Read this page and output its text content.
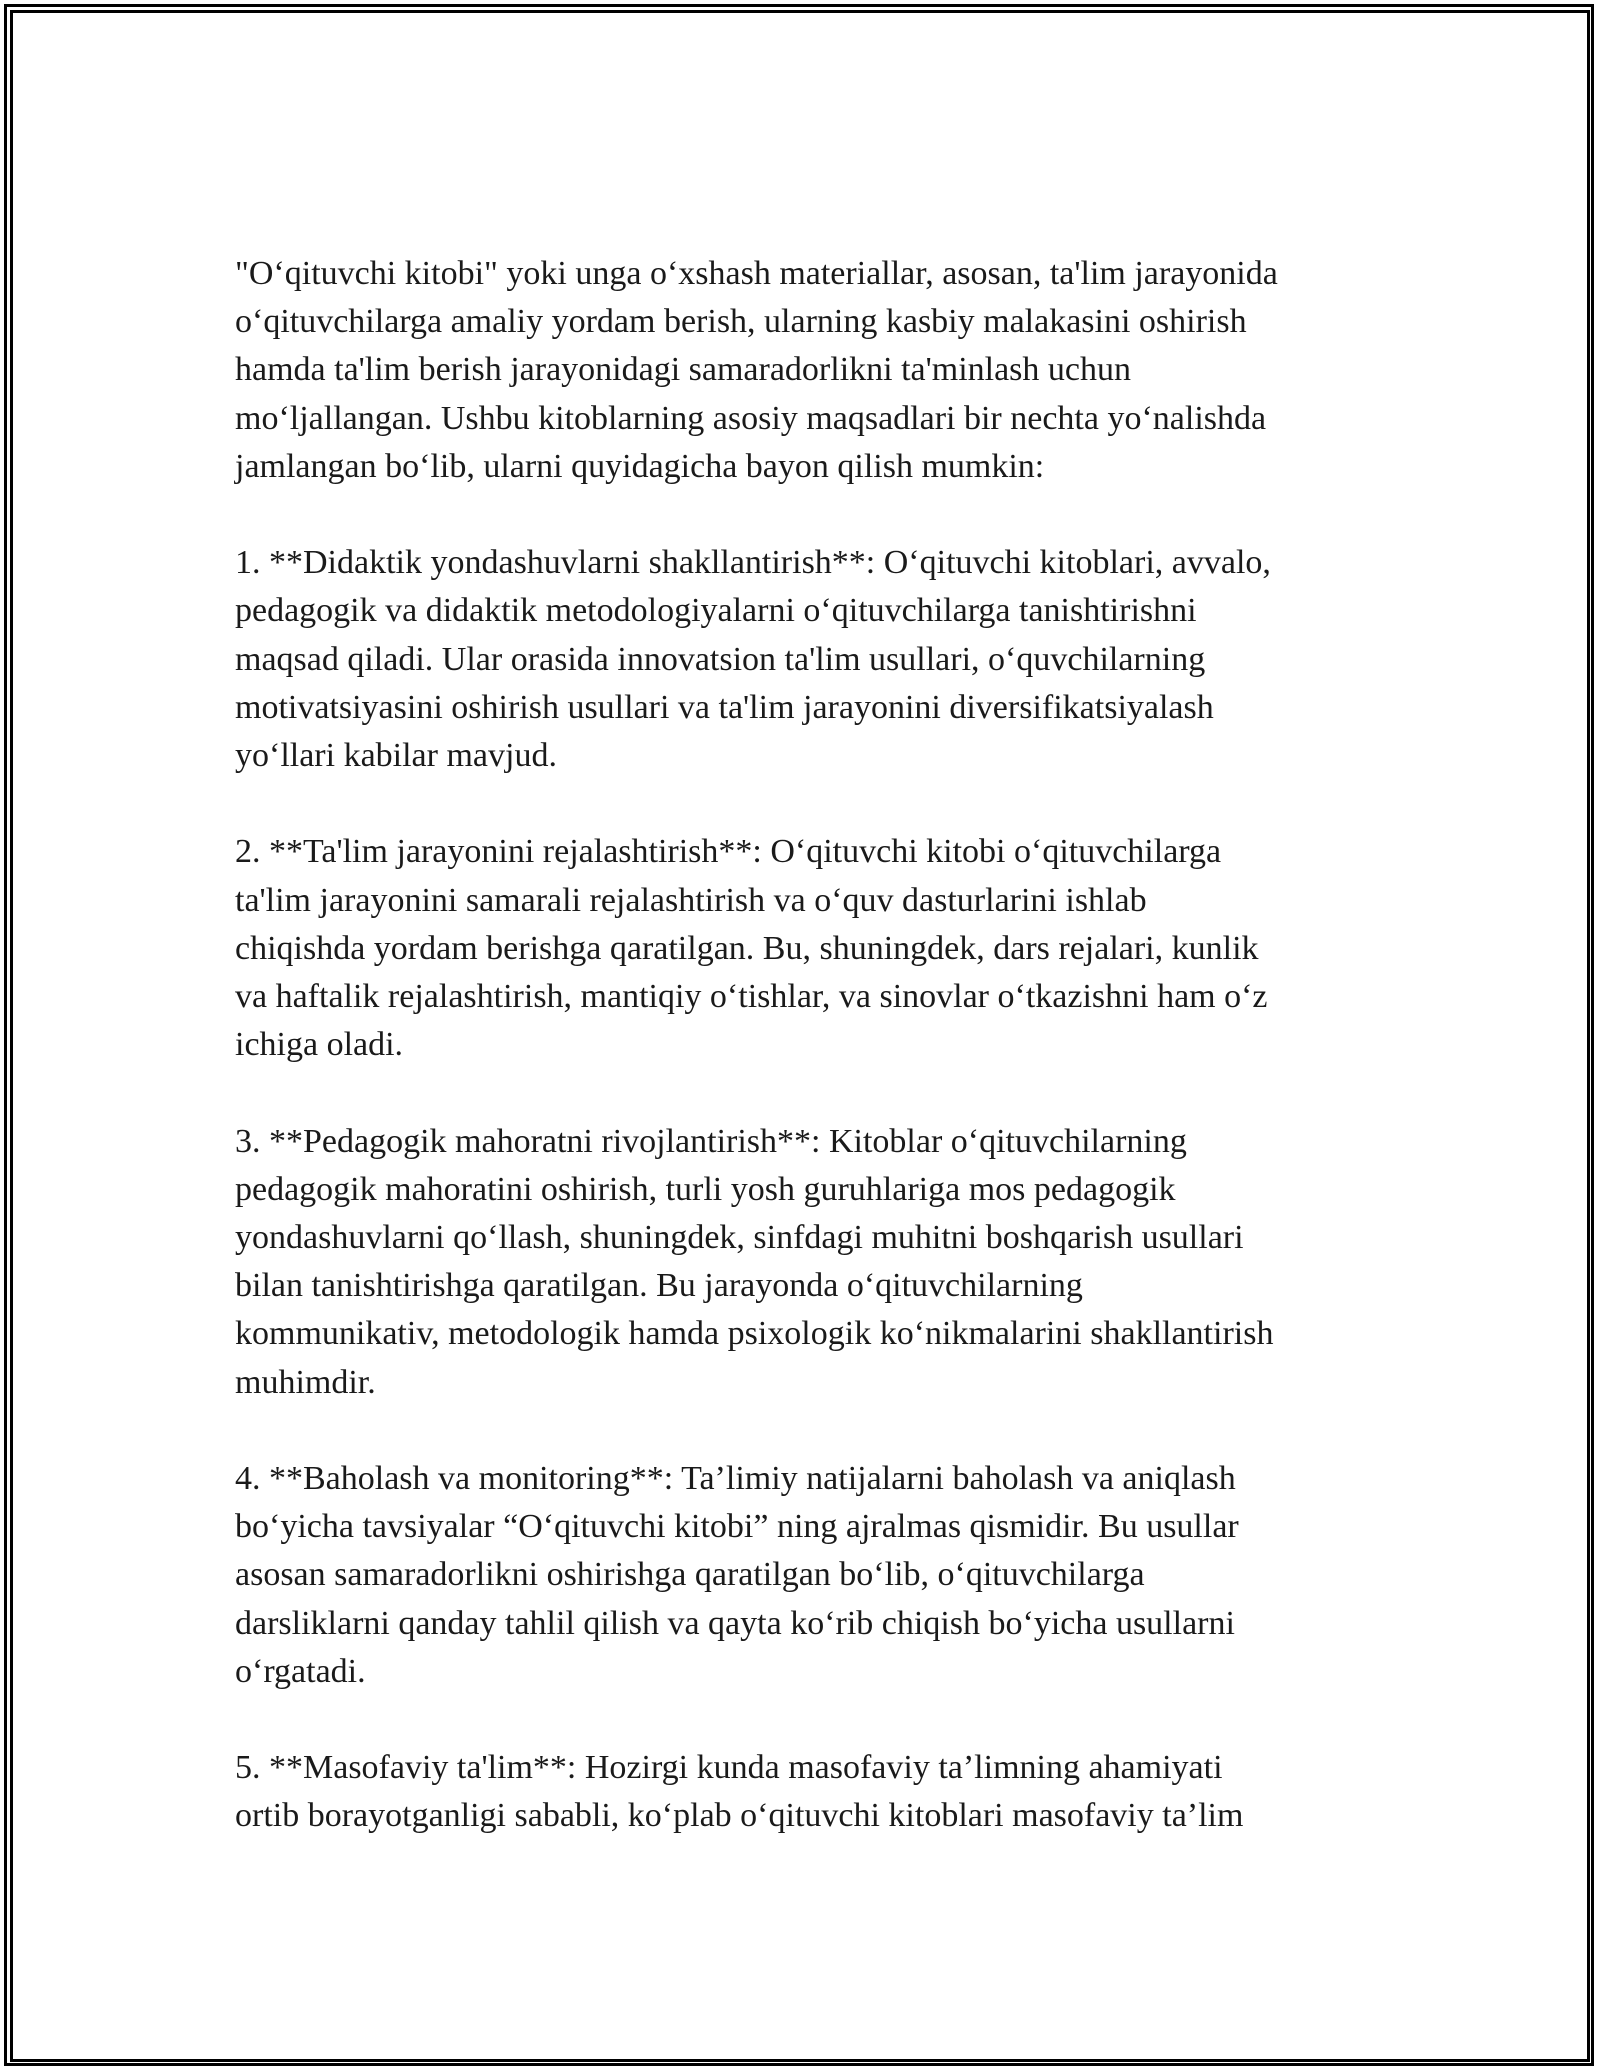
"O‘qituvchi kitobi" yoki unga o‘xshash materiallar, asosan, ta'lim jarayonida
o‘qituvchilarga amaliy yordam berish, ularning kasbiy malakasini oshirish
hamda ta'lim berish jarayonidagi samaradorlikni ta'minlash uchun
mo‘ljallangan. Ushbu kitoblarning asosiy maqsadlari bir nechta yo‘nalishda
jamlangan bo‘lib, ularni quyidagicha bayon qilish mumkin:

1. **Didaktik yondashuvlarni shakllantirish**: O‘qituvchi kitoblari, avvalo,
pedagogik va didaktik metodologiyalarni o‘qituvchilarga tanishtirishni
maqsad qiladi. Ular orasida innovatsion ta'lim usullari, o‘quvchilarning
motivatsiyasini oshirish usullari va ta'lim jarayonini diversifikatsiyalash
yo‘llari kabilar mavjud.

2. **Ta'lim jarayonini rejalashtirish**: O‘qituvchi kitobi o‘qituvchilarga
ta'lim jarayonini samarali rejalashtirish va o‘quv dasturlarini ishlab
chiqishda yordam berishga qaratilgan. Bu, shuningdek, dars rejalari, kunlik
va haftalik rejalashtirish, mantiqiy o‘tishlar, va sinovlar o‘tkazishni ham o‘z
ichiga oladi.

3. **Pedagogik mahoratni rivojlantirish**: Kitoblar o‘qituvchilarning
pedagogik mahoratini oshirish, turli yosh guruhlariga mos pedagogik
yondashuvlarni qo‘llash, shuningdek, sinfdagi muhitni boshqarish usullari
bilan tanishtirishga qaratilgan. Bu jarayonda o‘qituvchilarning
kommunikativ, metodologik hamda psixologik ko‘nikmalarini shakllantirish
muhimdir.

4. **Baholash va monitoring**: Ta’limiy natijalarni baholash va aniqlash
bo‘yicha tavsiyalar “O‘qituvchi kitobi” ning ajralmas qismidir. Bu usullar
asosan samaradorlikni oshirishga qaratilgan bo‘lib, o‘qituvchilarga
darsliklarni qanday tahlil qilish va qayta ko‘rib chiqish bo‘yicha usullarni
o‘rgatadi.

5. **Masofaviy ta'lim**: Hozirgi kunda masofaviy ta’limning ahamiyati
ortib borayotganligi sababli, ko‘plab o‘qituvchi kitoblari masofaviy ta’lim
